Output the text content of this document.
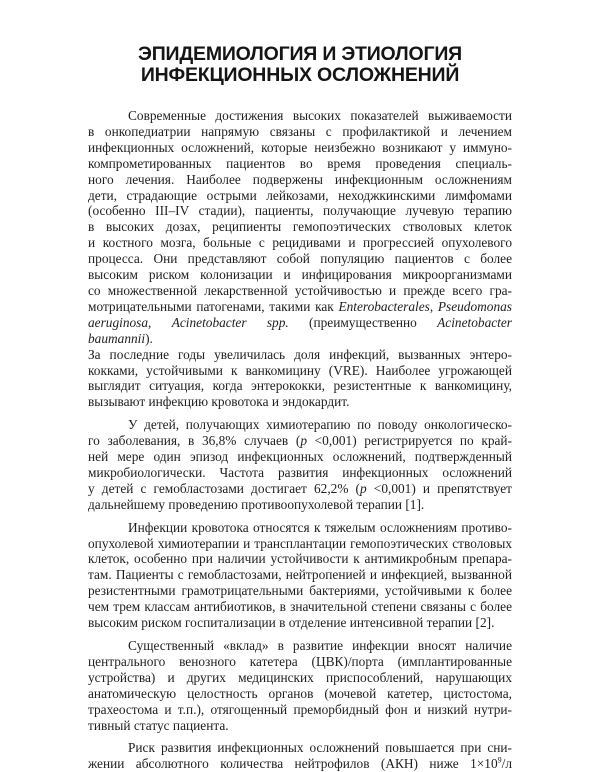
ЭПИДЕМИОЛОГИЯ И ЭТИОЛОГИЯ
ИНФЕКЦИОННЫХ ОСЛОЖНЕНИЙ
Современные достижения высоких показателей выживаемости
в онкопедиатрии напрямую связаны с профилактикой и лечением
инфекционных осложнений, которые неизбежно возникают у иммуно-
компрометированных пациентов во время проведения специаль-
ного лечения. Наиболее подвержены инфекционным осложнениям
дети, страдающие острыми лейкозами, неходжкинскими лимфомами
(особенно III–IV стадии), пациенты, получающие лучевую терапию
в высоких дозах, реципиенты гемопоэтических стволовых клеток
и костного мозга, больные с рецидивами и прогрессией опухолевого
процесса. Они представляют собой популяцию пациентов с более
высоким риском колонизации и инфицирования микроорганизмами
со множественной лекарственной устойчивостью и прежде всего гра-
мотрицательными патогенами, такими как Enterobacterales, Pseudomonas
aeruginosa, Acinetobacter spp. (преимущественно Acinetobacter baumannii).
За последние годы увеличилась доля инфекций, вызванных энтеро-
кокками, устойчивыми к ванкомицину (VRE). Наиболее угрожающей
выглядит ситуация, когда энтерококки, резистентные к ванкомицину,
вызывают инфекцию кровотока и эндокардит.
У детей, получающих химиотерапию по поводу онкологическо-
го заболевания, в 36,8% случаев (p <0,001) регистрируется по край-
ней мере один эпизод инфекционных осложнений, подтвержденный
микробиологически. Частота развития инфекционных осложнений
у детей с гемобластозами достигает 62,2% (p <0,001) и препятствует
дальнейшему проведению противоопухолевой терапии [1].
Инфекции кровотока относятся к тяжелым осложнениям противо-
опухолевой химиотерапии и трансплантации гемопоэтических стволовых
клеток, особенно при наличии устойчивости к антимикробным препара-
там. Пациенты с гемобластозами, нейтропенией и инфекцией, вызванной
резистентными грамотрицательными бактериями, устойчивыми к более
чем трем классам антибиотиков, в значительной степени связаны с более
высоким риском госпитализации в отделение интенсивной терапии [2].
Существенный «вклад» в развитие инфекции вносят наличие
центрального венозного катетера (ЦВК)/порта (имплантированные
устройства) и других медицинских приспособлений, нарушающих
анатомическую целостность органов (мочевой катетер, цистостома,
трахеостома и т.п.), отягощенный преморбидный фон и низкий нутри-
тивный статус пациента.
Риск развития инфекционных осложнений повышается при сни-
жении абсолютного количества нейтрофилов (АКН) ниже $1\times 10^9/л$
